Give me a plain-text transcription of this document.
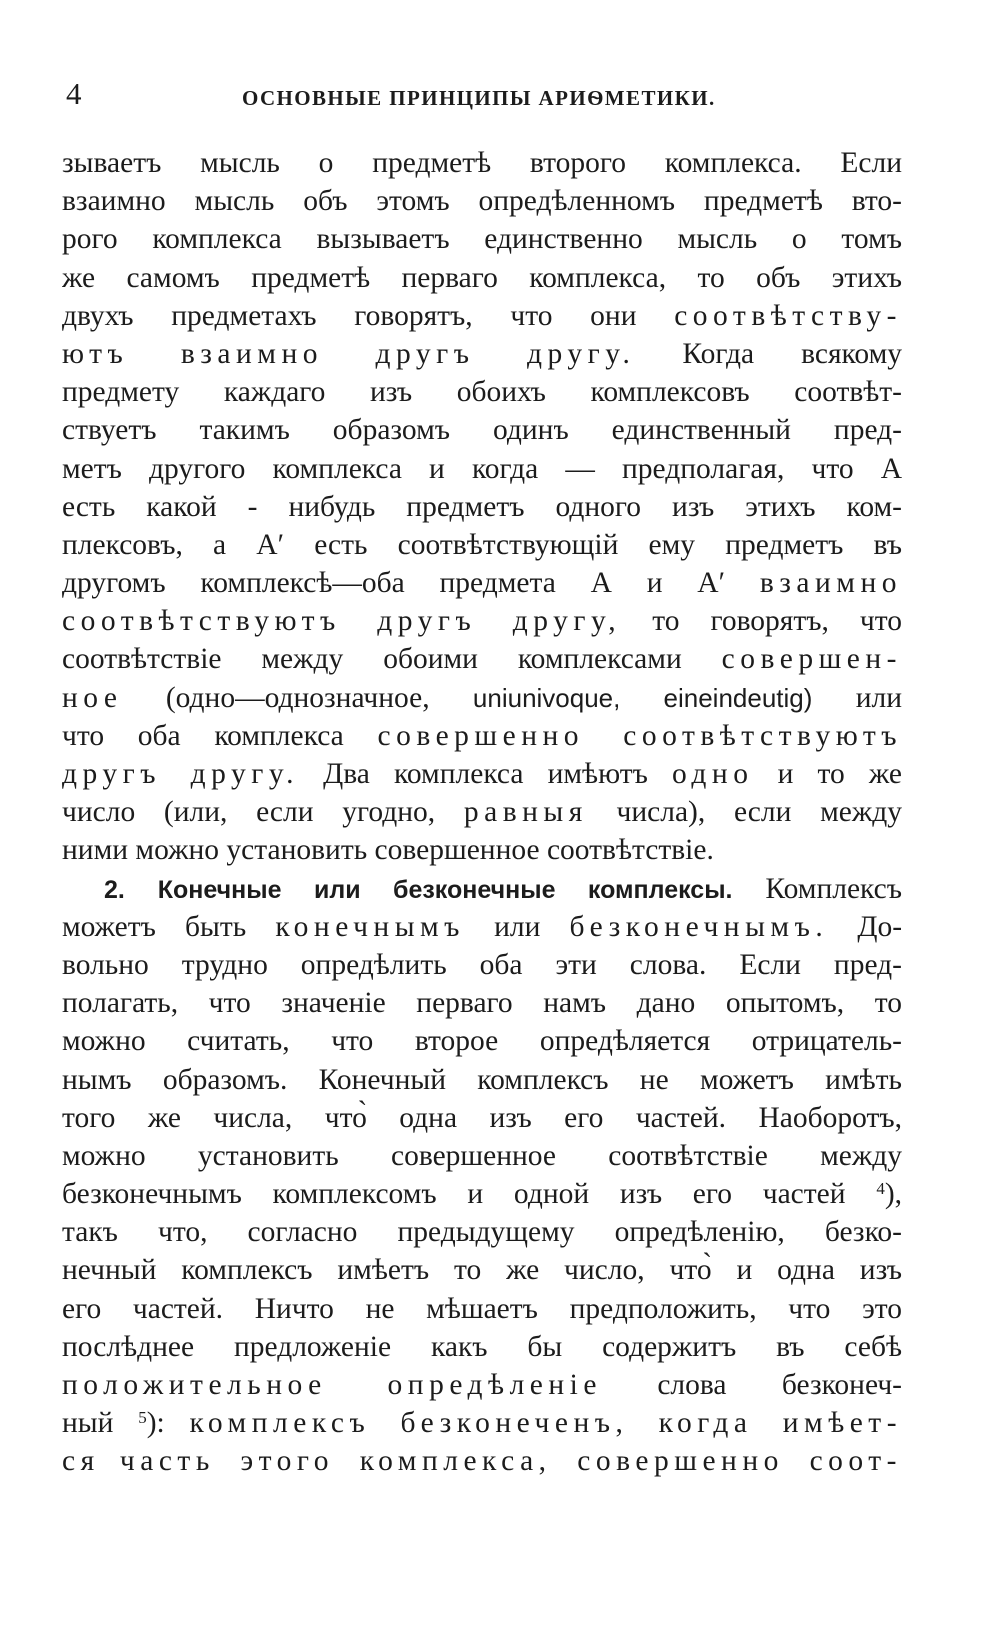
4	ОСНОВНЫЕ ПРИНЦИПЫ АРИѲМЕТИКИ.
зываетъ мысль о предметѣ второго комплекса. Если
взаимно мысль объ этомъ опредѣленномъ предметѣ вто-
рого комплекса вызываетъ единственно мысль о томъ
же самомъ предметѣ перваго комплекса, то объ этихъ
двухъ предметахъ говорятъ, что они соотвѣтству-
ютъ взаимно другъ другу. Когда всякому
предмету каждаго изъ обоихъ комплексовъ соотвѣт-
ствуетъ такимъ образомъ одинъ единственный пред-
метъ другого комплекса и когда — предполагая, что А
есть какой - нибудь предметъ одного изъ этихъ ком-
плексовъ, а А′ есть соотвѣтствующій ему предметъ въ
другомъ комплексѣ—оба предмета А и А′ взаимно
соотвѣтствуютъ другъ другу, то говорятъ, что
соотвѣтствіе между обоими комплексами совершен-
ное (одно—однозначное, uniunivoque, eineindeutig) или
что оба комплекса совершенно соотвѣтствуютъ
другъ другу. Два комплекса имѣютъ одно и то же
число (или, если угодно, равныя числа), если между
ними можно установить совершенное соотвѣтствіе.
2. Конечные или безконечные комплексы. Комплексъ
можетъ быть конечнымъ или безконечнымъ. До-
вольно трудно опредѣлить оба эти слова. Если пред-
полагать, что значеніе перваго намъ дано опытомъ, то
можно считать, что второе опредѣляется отрицатель-
нымъ образомъ. Конечный комплексъ не можетъ имѣть
того же числа, что̀ одна изъ его частей. Наоборотъ,
можно установить совершенное соотвѣтствіе между
безконечнымъ комплексомъ и одной изъ его частей $^4$),
такъ что, согласно предыдущему опредѣленію, безко-
нечный комплексъ имѣетъ то же число, что̀ и одна изъ
его частей. Ничто не мѣшаетъ предположить, что это
послѣднее предложеніе какъ бы содержитъ въ себѣ
положительное опредѣленіе слова безконеч-
ный $^5$): комплексъ безконеченъ, когда имѣет-
ся часть этого комплекса, совершенно соот-
